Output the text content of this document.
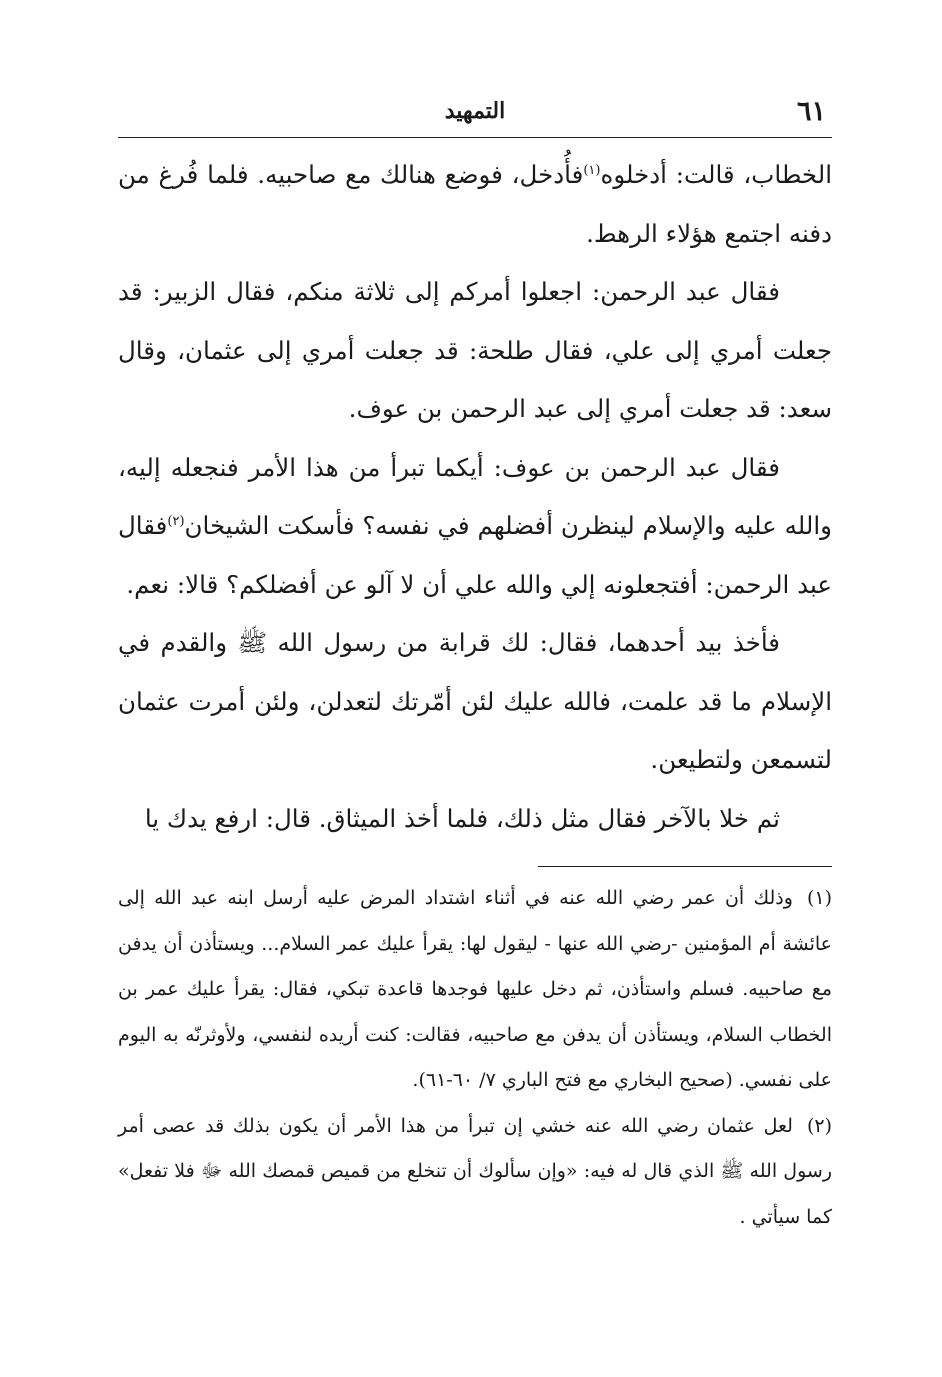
٦١
التمهيد

الخطاب، قالت: أدخلوه$^{(١)}$فأُدخل، فوضع هنالك مع صاحبيه. فلما فُرغ من دفنه اجتمع هؤلاء الرهط.

فقال عبد الرحمن: اجعلوا أمركم إلى ثلاثة منكم، فقال الزبير: قد جعلت أمري إلى علي، فقال طلحة: قد جعلت أمري إلى عثمان، وقال سعد: قد جعلت أمري إلى عبد الرحمن بن عوف.

فقال عبد الرحمن بن عوف: أيكما تبرأ من هذا الأمر فنجعله إليه، والله عليه والإسلام لينظرن أفضلهم في نفسه؟ فأسكت الشيخان$^{(٢)}$فقال عبد الرحمن: أفتجعلونه إلي والله علي أن لا آلو عن أفضلكم؟ قالا: نعم.

فأخذ بيد أحدهما، فقال: لك قرابة من رسول الله ﷺ والقدم في الإسلام ما قد علمت، فالله عليك لئن أمّرتك لتعدلن، ولئن أمرت عثمان لتسمعن ولتطيعن.

ثم خلا بالآخر فقال مثل ذلك، فلما أخذ الميثاق. قال: ارفع يدك يا

(١)وذلك أن عمر رضي الله عنه في أثناء اشتداد المرض عليه أرسل ابنه عبد الله إلى عائشة أم المؤمنين -رضي الله عنها - ليقول لها: يقرأ عليك عمر السلام... ويستأذن أن يدفن مع صاحبيه. فسلم واستأذن، ثم دخل عليها فوجدها قاعدة تبكي، فقال: يقرأ عليك عمر بن الخطاب السلام، ويستأذن أن يدفن مع صاحبيه، فقالت: كنت أريده لنفسي، ولأوثرنّه به اليوم على نفسي. (صحيح البخاري مع فتح الباري ٧/ ٦٠-٦١).

(٢)لعل عثمان رضي الله عنه خشي إن تبرأ من هذا الأمر أن يكون بذلك قد عصى أمر رسول الله ﷺ الذي قال له فيه: «وإن سألوك أن تنخلع من قميص قمصك الله ﷻ فلا تفعل» كما سيأتي .
